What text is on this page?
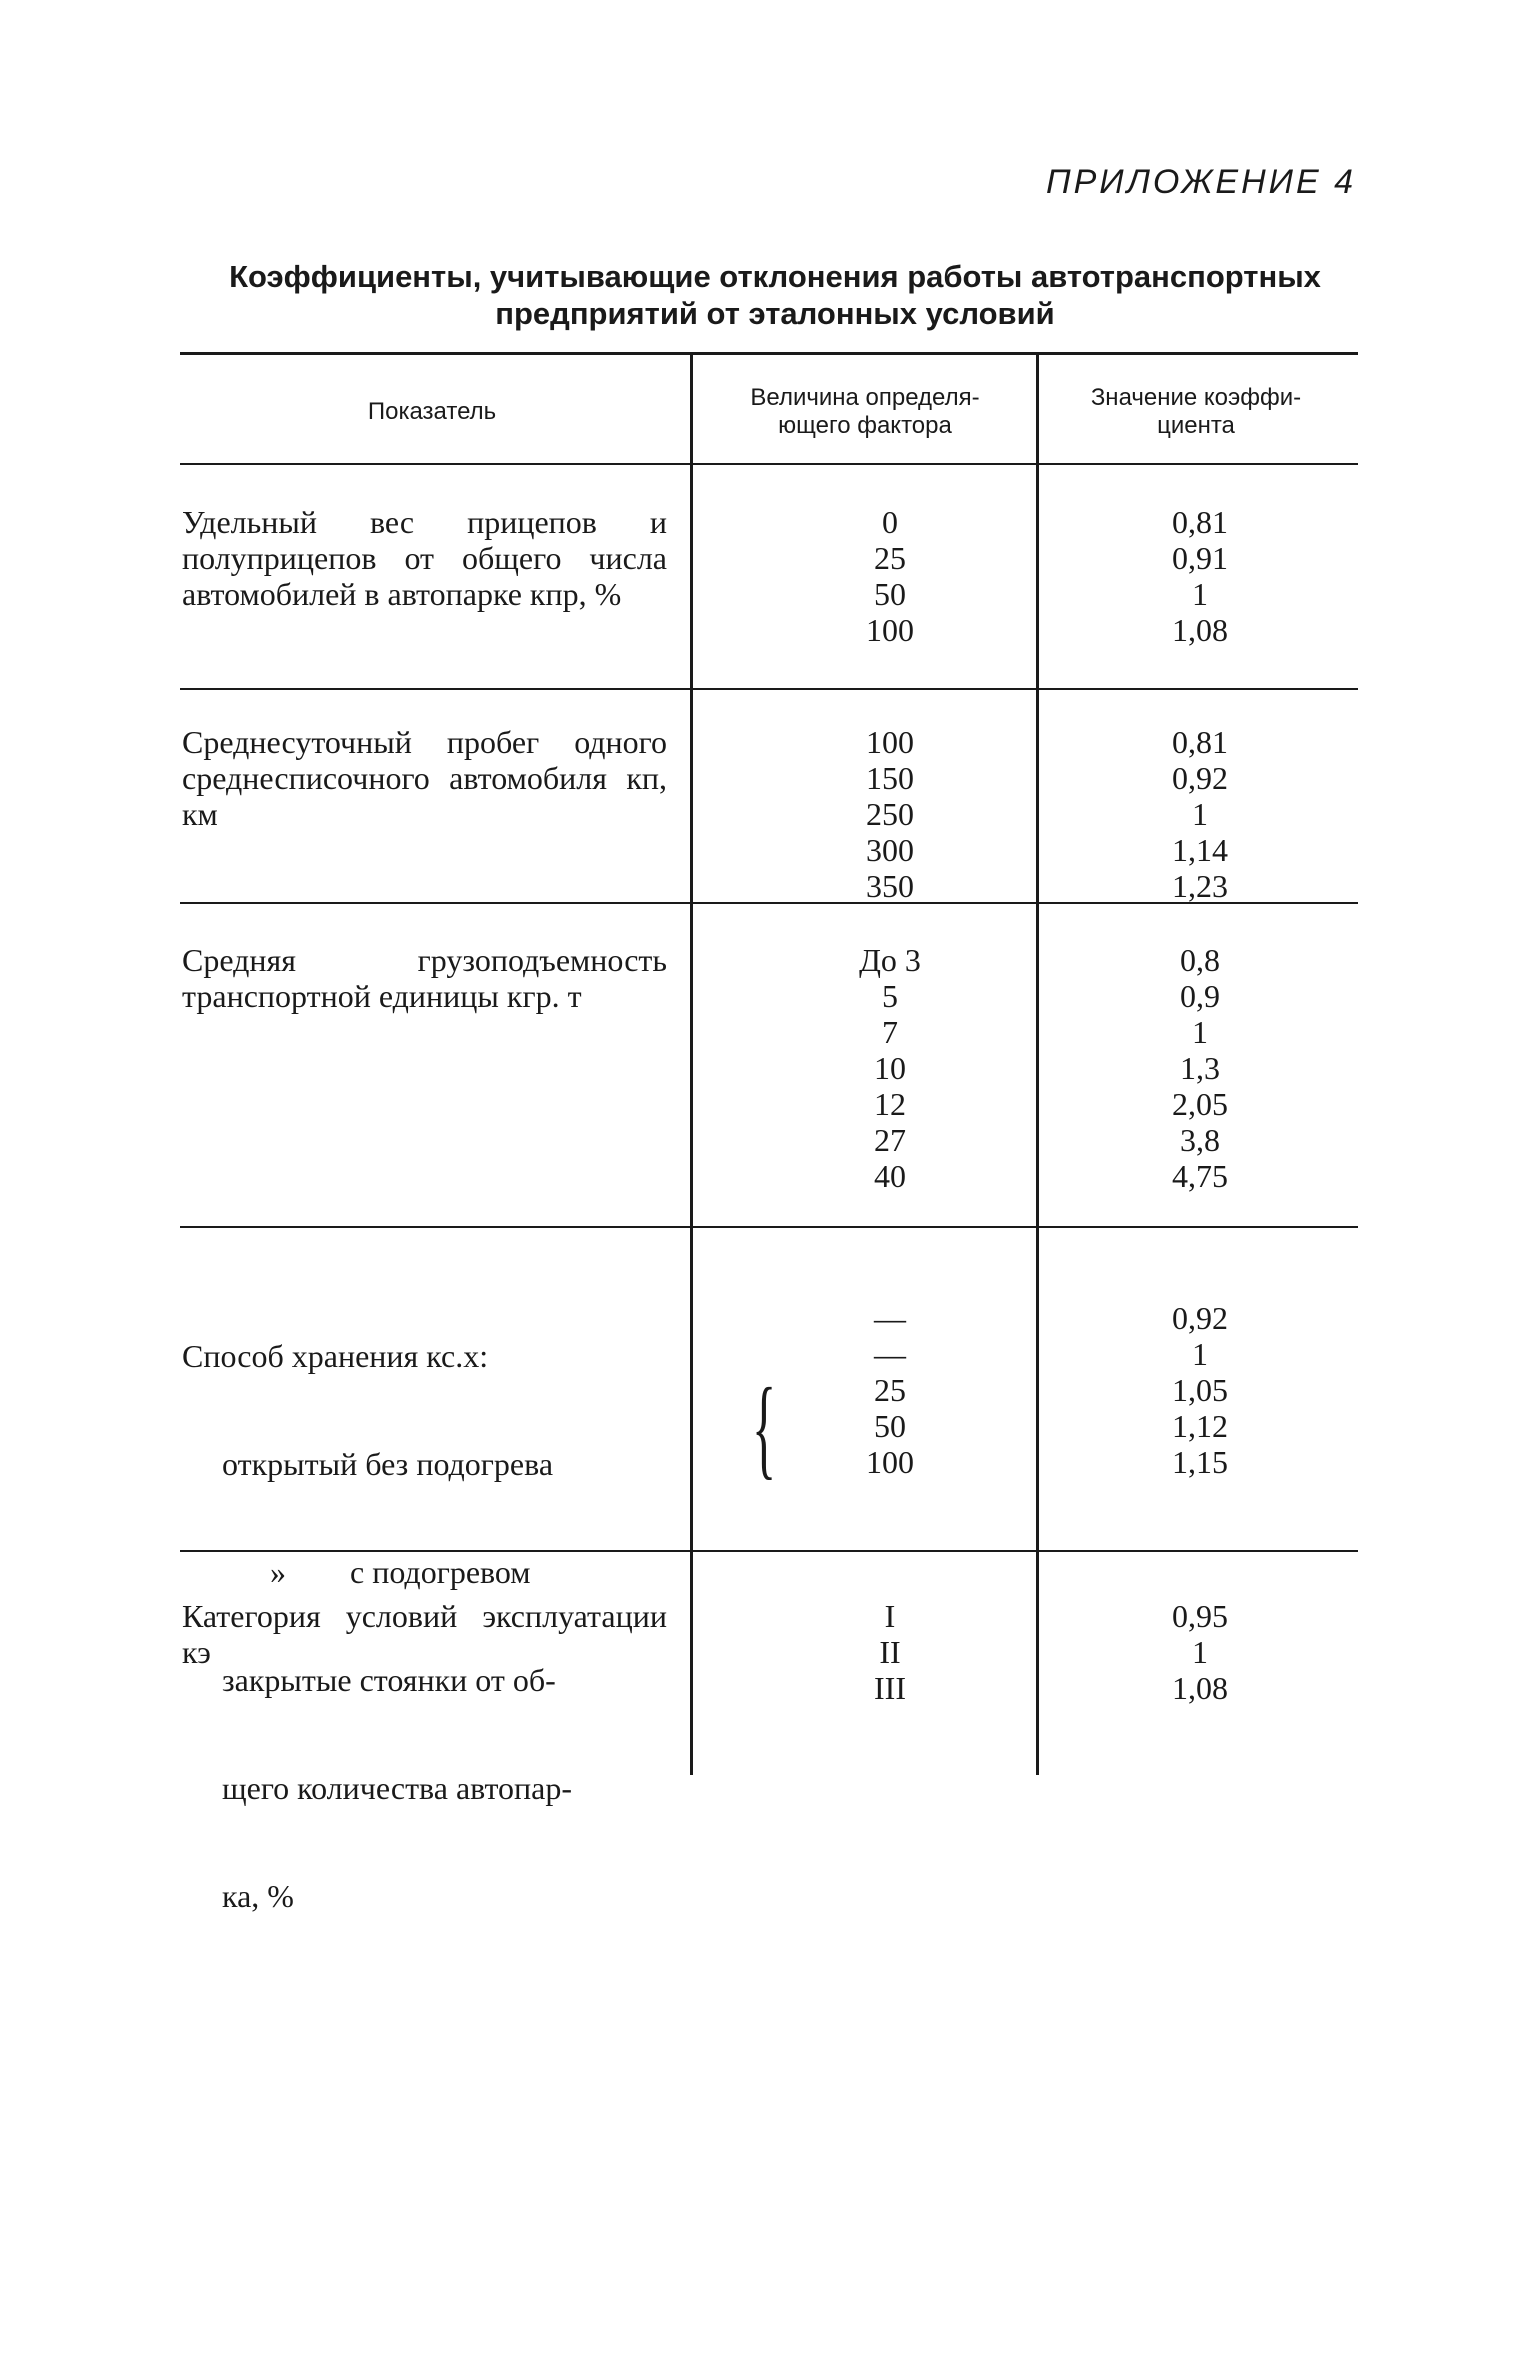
ПРИЛОЖЕНИЕ 4
Коэффициенты, учитывающие отклонения работы автотранспортных предприятий от эталонных условий
Показатель
Величина определя-
ющего фактора
Значение коэффи-
циента
Удельный вес прицепов и полуприцепов от общего числа автомобилей в автопарке кпр, %
0
25
50
100
0,81
0,91
1
1,08
Среднесуточный пробег одного среднесписочного автомобиля кп, км
100
150
250
300
350
0,81
0,92
1
1,14
1,23
Средняя грузоподъемность транспортной единицы кгр. т
До 3
5
7
10
12
27
40
0,8
0,9
1
1,3
2,05
3,8
4,75

Способ хранения кс.х:

открытый без подогрева

»        с подогревом

закрытые стоянки от об-

щего количества автопар-

ка, %

{
—
—
25
50
100
0,92
1
1,05
1,12
1,15
Категория условий эксплуатации кэ
I
II
III
0,95
1
1,08
